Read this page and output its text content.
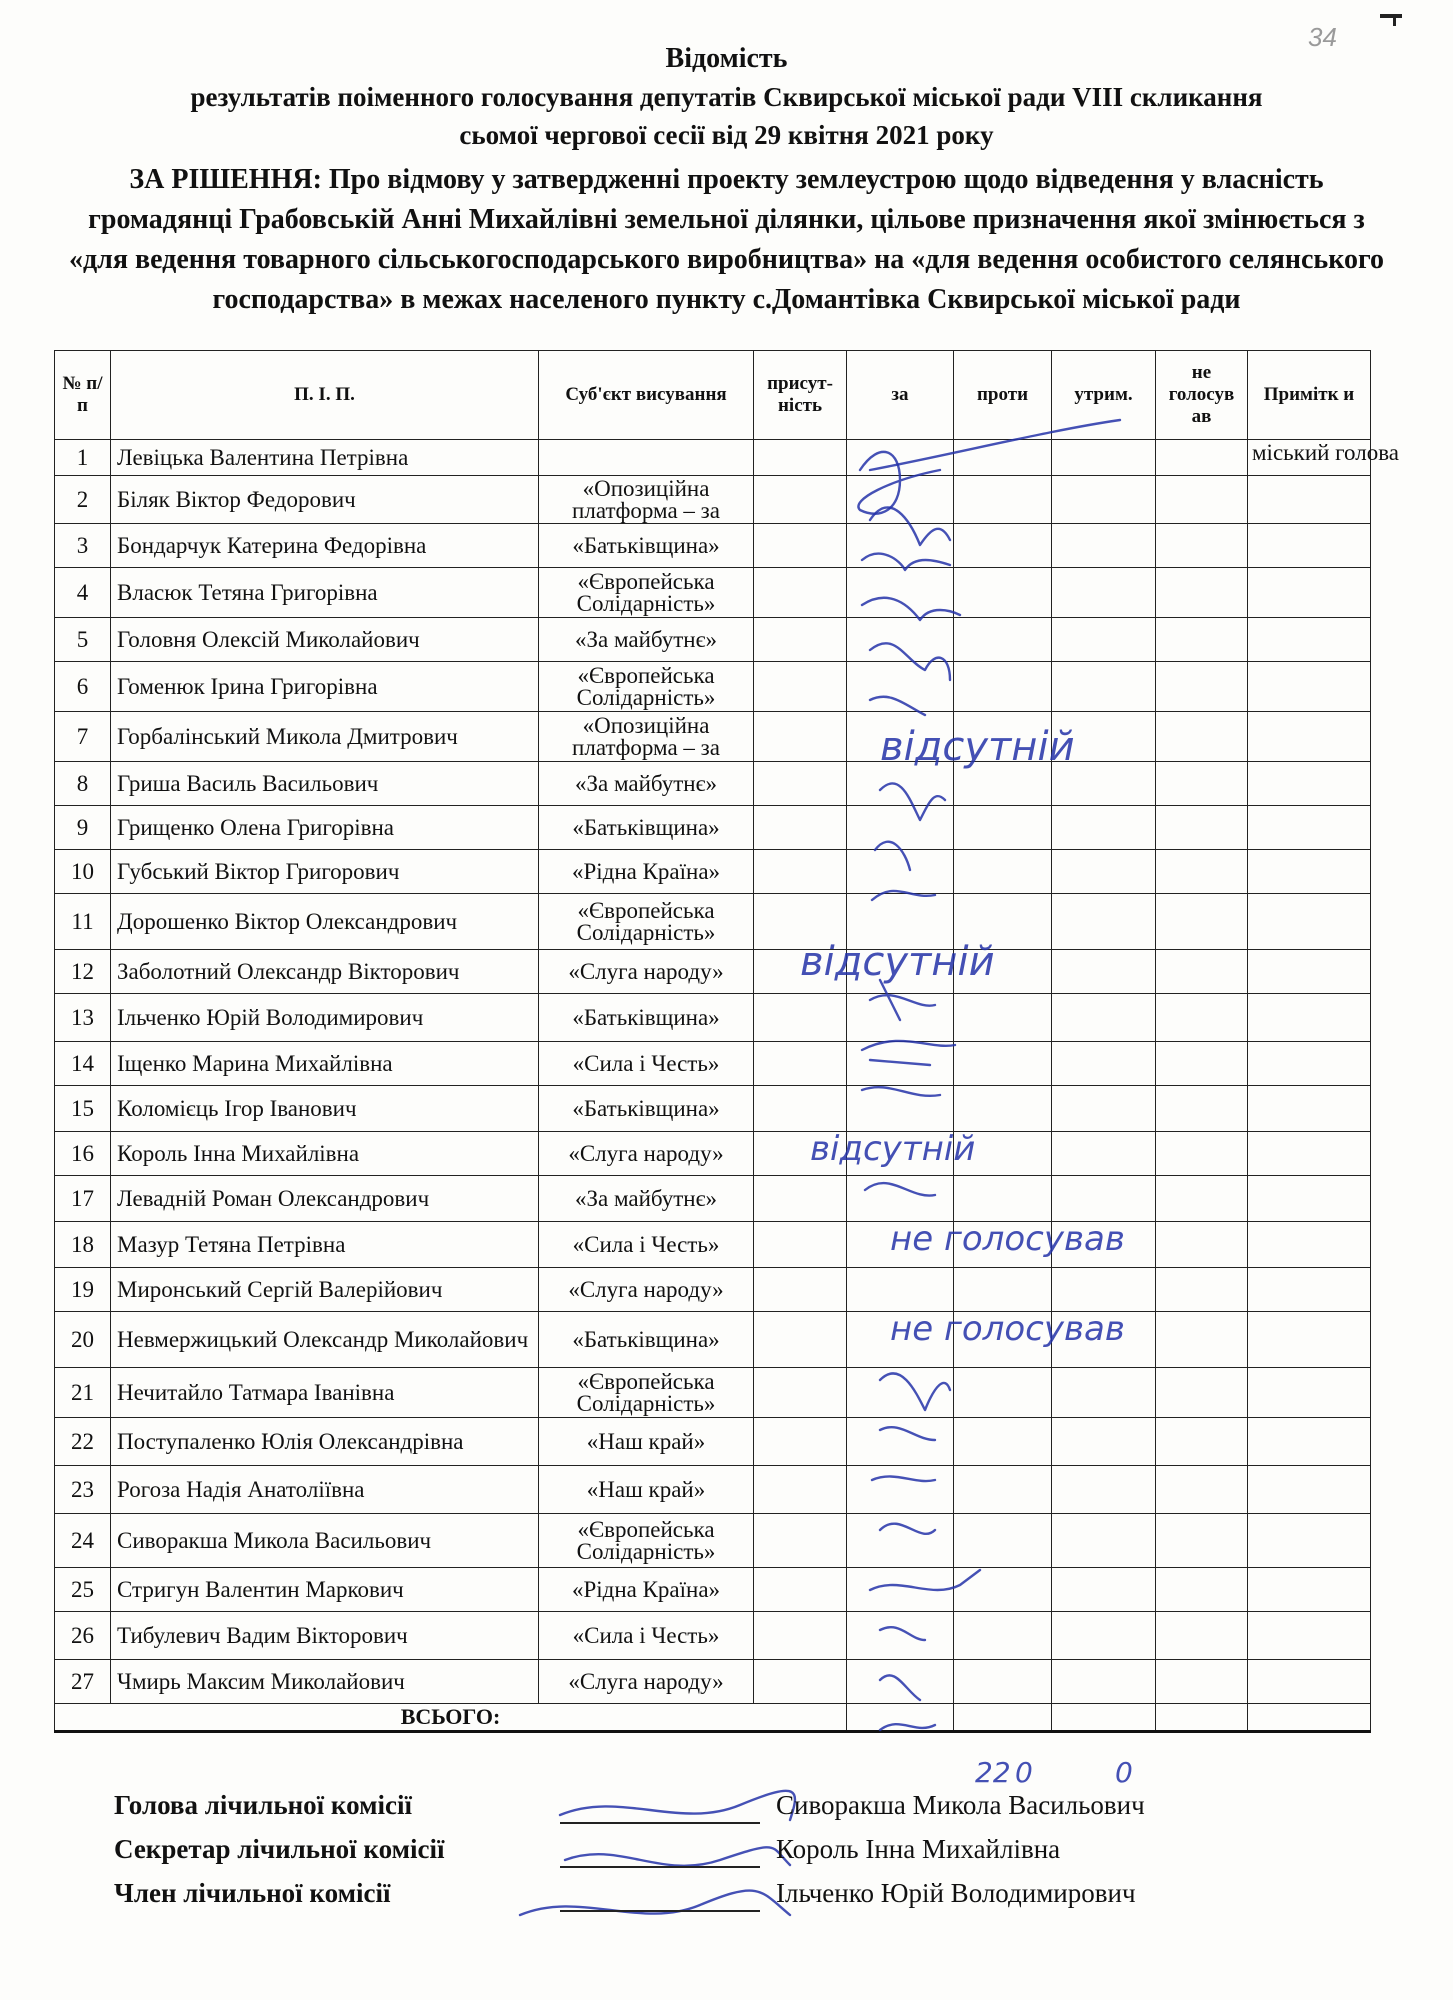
34
Відомість
результатів поіменного голосування депутатів Сквирської міської ради VIII скликання
сьомої чергової сесії від 29 квітня 2021 року
ЗА РІШЕННЯ: Про відмову у затвердженні проекту землеустрою щодо відведення у власність громадянці Грабовській Анні Михайлівні земельної ділянки, цільове призначення якої змінюється з «для ведення товарного сільськогосподарського виробництва» на «для ведення особистого селянського господарства» в межах населеного пункту с.Домантівка Сквирської міської ради
№ п/п	П. І. П.	Суб'єкт висування	присут-ність	за	проти	утрим.	не голосув ав	Примітк и
1	Левіцька Валентина Петрівна							міський голова
2	Біляк Віктор Федорович	«Опозиційна платформа – за						
3	Бондарчук Катерина Федорівна	«Батьківщина»						
4	Власюк Тетяна Григорівна	«Європейська Солідарність»						
5	Головня Олексій Миколайович	«За майбутнє»						
6	Гоменюк Ірина Григорівна	«Європейська Солідарність»						
7	Горбалінський Микола Дмитрович	«Опозиційна платформа – за						
8	Гриша Василь Васильович	«За майбутнє»						
9	Грищенко Олена Григорівна	«Батьківщина»						
10	Губський Віктор Григорович	«Рідна Країна»						
11	Дорошенко Віктор Олександрович	«Європейська Солідарність»						
12	Заболотний Олександр Вікторович	«Слуга народу»						
13	Ільченко Юрій Володимирович	«Батьківщина»						
14	Іщенко Марина Михайлівна	«Сила і Честь»						
15	Коломієць Ігор Іванович	«Батьківщина»						
16	Король Інна Михайлівна	«Слуга народу»						
17	Левадній Роман Олександрович	«За майбутнє»						
18	Мазур Тетяна Петрівна	«Сила і Честь»						
19	Миронський Сергій Валерійович	«Слуга народу»						
20	Невмержицький Олександр Миколайович	«Батьківщина»						
21	Нечитайло Татмара Іванівна	«Європейська Солідарність»						
22	Поступаленко Юлія Олександрівна	«Наш край»						
23	Рогоза Надія Анатоліївна	«Наш край»						
24	Сиворакша Микола Васильович	«Європейська Солідарність»						
25	Стригун Валентин Маркович	«Рідна Країна»						
26	Тибулевич Вадим Вікторович	«Сила і Честь»						
27	Чмирь Максим Миколайович	«Слуга народу»						
ВСЬОГО:								
відсутній
відсутній
відсутній
не голосував
не голосував
22 0	0
Голова лічильної комісії	Сиворакша Микола Васильович
Секретар лічильної комісії	Король Інна Михайлівна
Член лічильної комісії	Ільченко Юрій Володимирович
